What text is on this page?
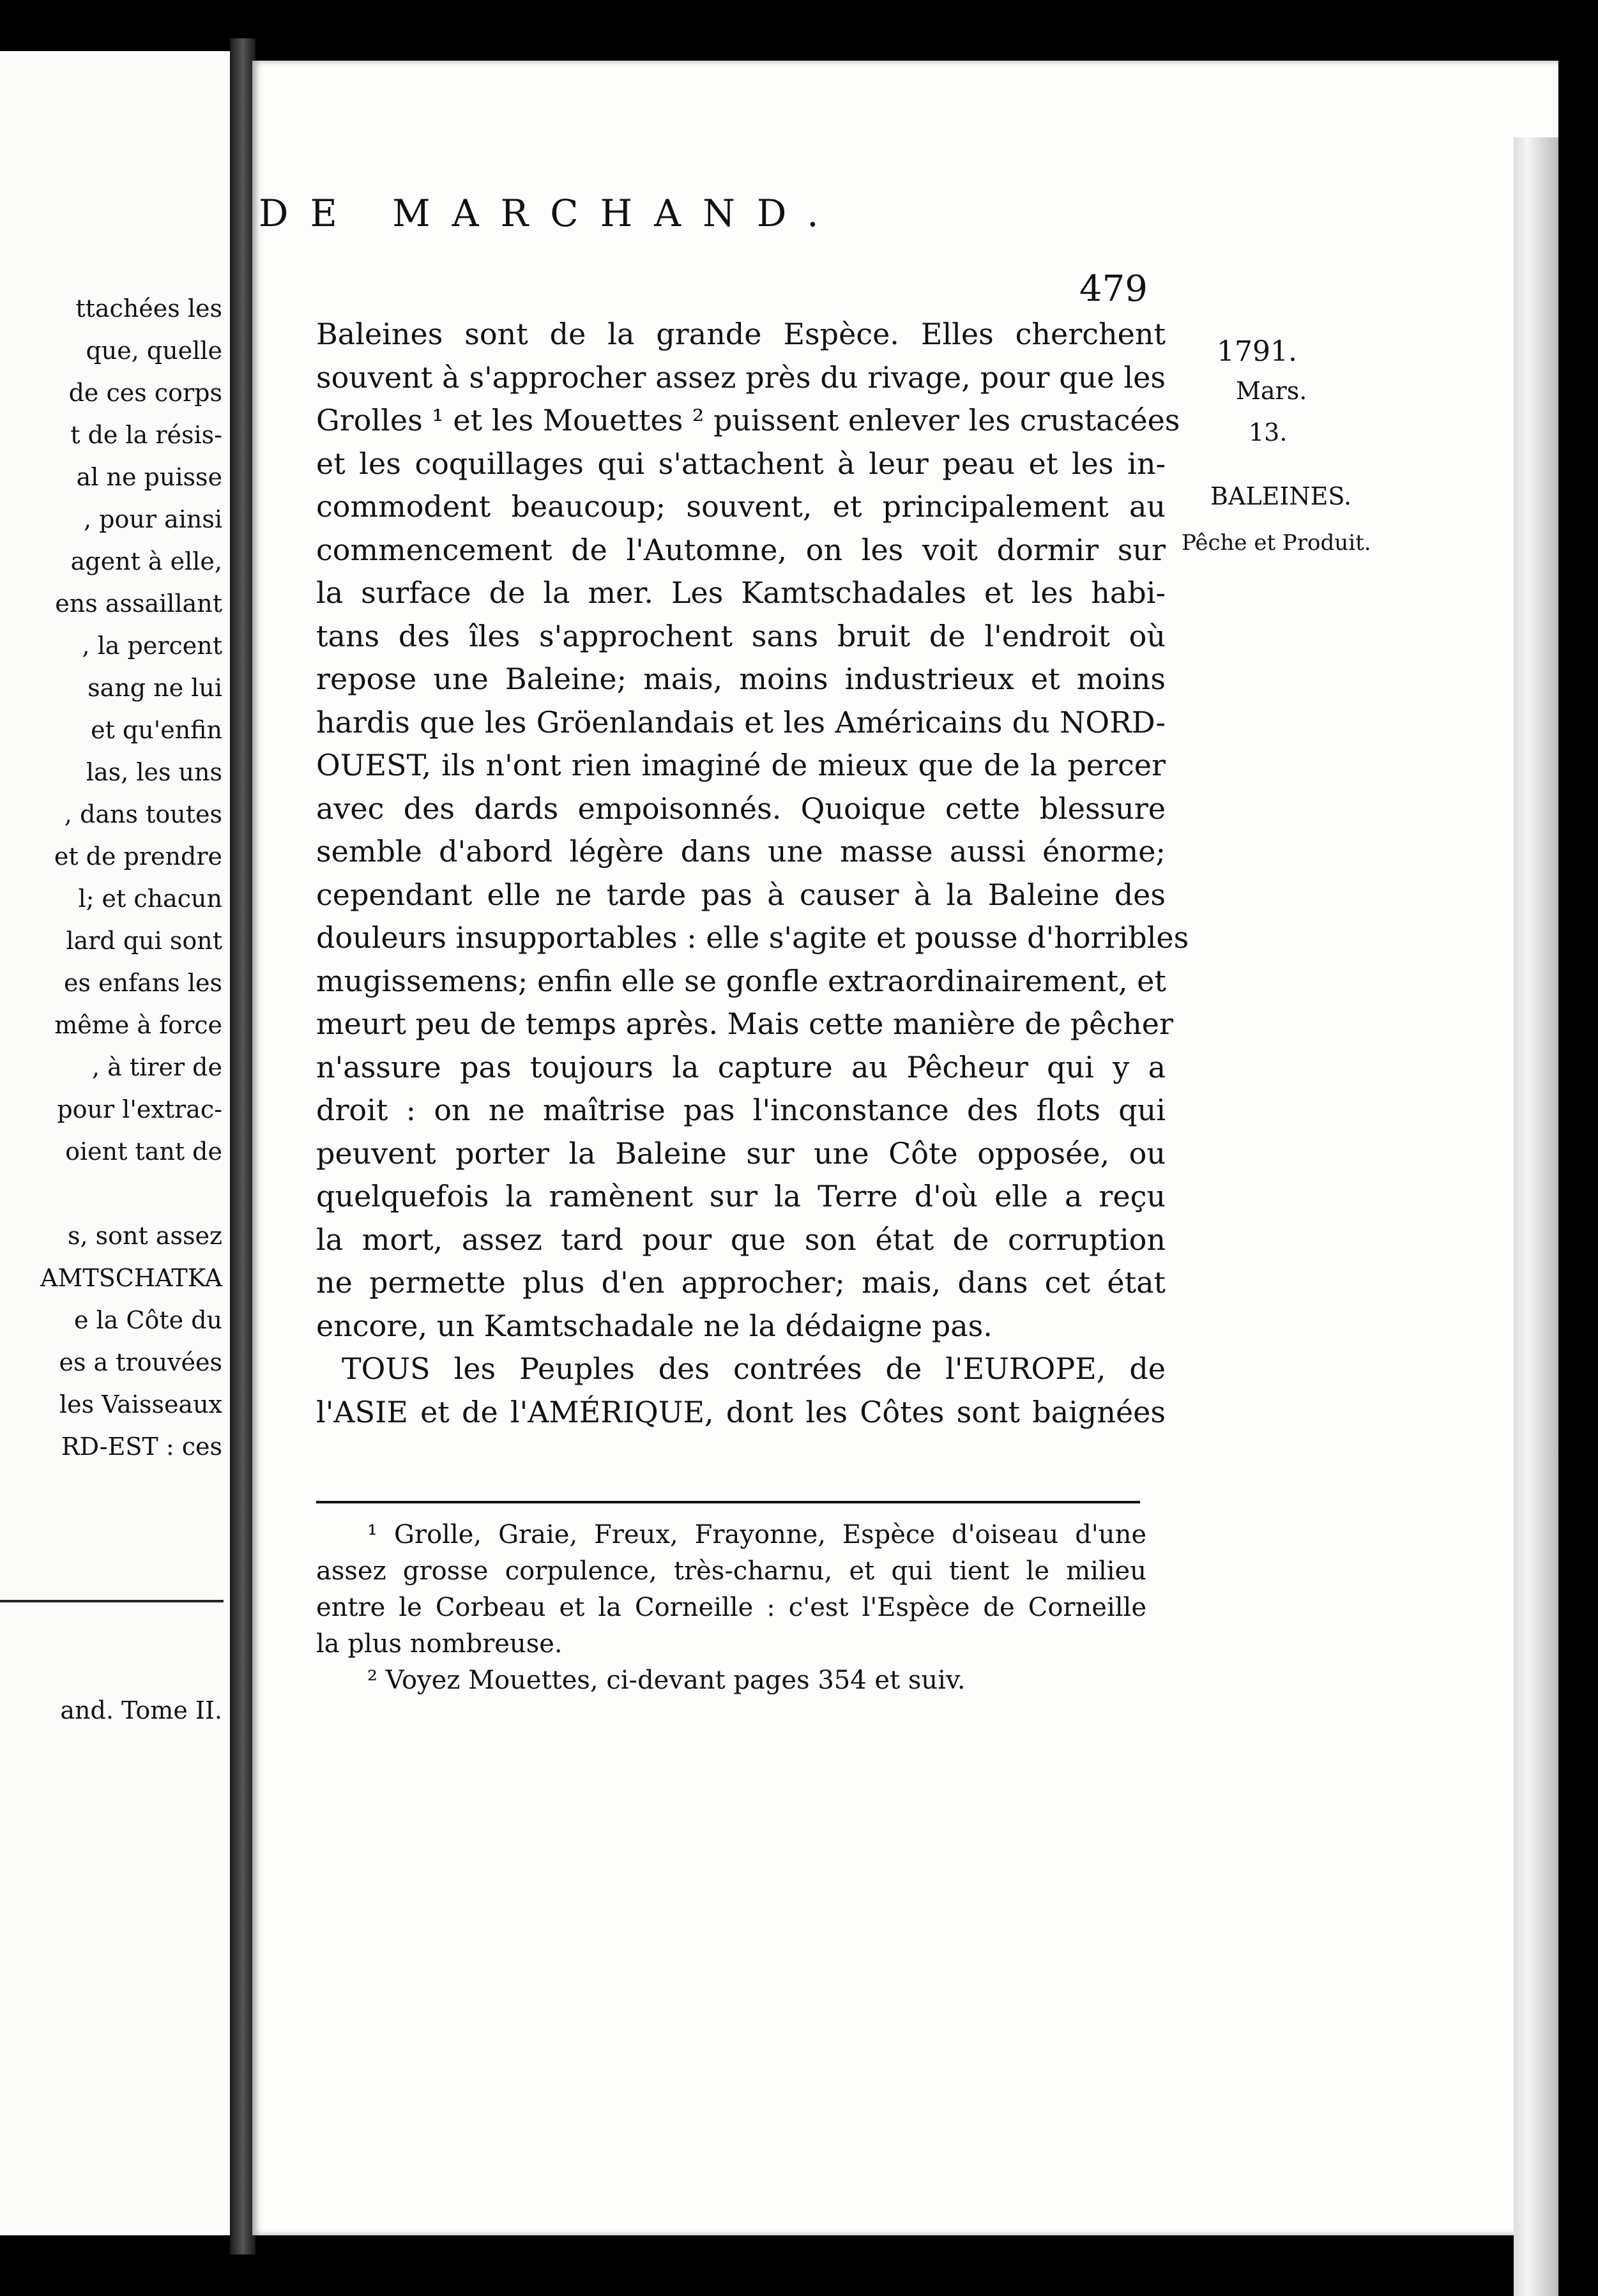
ttachées les
que, quelle
de ces corps
t de la résis-
al ne puisse
, pour ainsi
agent à elle,
ens assaillant
, la percent
sang ne lui
et qu'enfin
las, les uns
, dans toutes
et de prendre
l; et chacun
lard qui sont
es enfans les
même à force
, à tirer de
pour l'extrac-
oient tant de
s, sont assez
AMTSCHATKA
e la Côte du
es a trouvées
les Vaisseaux
RD-EST : ces
and. Tome II.
DE MARCHAND.
479
Baleines sont de la grande Espèce. Elles cherchent
souvent à s'approcher assez près du rivage, pour que les
Grolles ¹ et les Mouettes ² puissent enlever les crustacées
et les coquillages qui s'attachent à leur peau et les in-
commodent beaucoup; souvent, et principalement au
commencement de l'Automne, on les voit dormir sur
la surface de la mer. Les Kamtschadales et les habi-
tans des îles s'approchent sans bruit de l'endroit où
repose une Baleine; mais, moins industrieux et moins
hardis que les Gröenlandais et les Américains du NORD-
OUEST, ils n'ont rien imaginé de mieux que de la percer
avec des dards empoisonnés. Quoique cette blessure
semble d'abord légère dans une masse aussi énorme;
cependant elle ne tarde pas à causer à la Baleine des
douleurs insupportables : elle s'agite et pousse d'horribles
mugissemens; enfin elle se gonfle extraordinairement, et
meurt peu de temps après. Mais cette manière de pêcher
n'assure pas toujours la capture au Pêcheur qui y a
droit : on ne maîtrise pas l'inconstance des flots qui
peuvent porter la Baleine sur une Côte opposée, ou
quelquefois la ramènent sur la Terre d'où elle a reçu
la mort, assez tard pour que son état de corruption
ne permette plus d'en approcher; mais, dans cet état
encore, un Kamtschadale ne la dédaigne pas.
TOUS les Peuples des contrées de l'EUROPE, de
l'ASIE et de l'AMÉRIQUE, dont les Côtes sont baignées
¹ Grolle, Graie, Freux, Frayonne, Espèce d'oiseau d'une
assez grosse corpulence, très-charnu, et qui tient le milieu
entre le Corbeau et la Corneille : c'est l'Espèce de Corneille
la plus nombreuse.
² Voyez Mouettes, ci-devant pages 354 et suiv.
1791.
Mars.
13.
BALEINES.
Pêche et Produit.
